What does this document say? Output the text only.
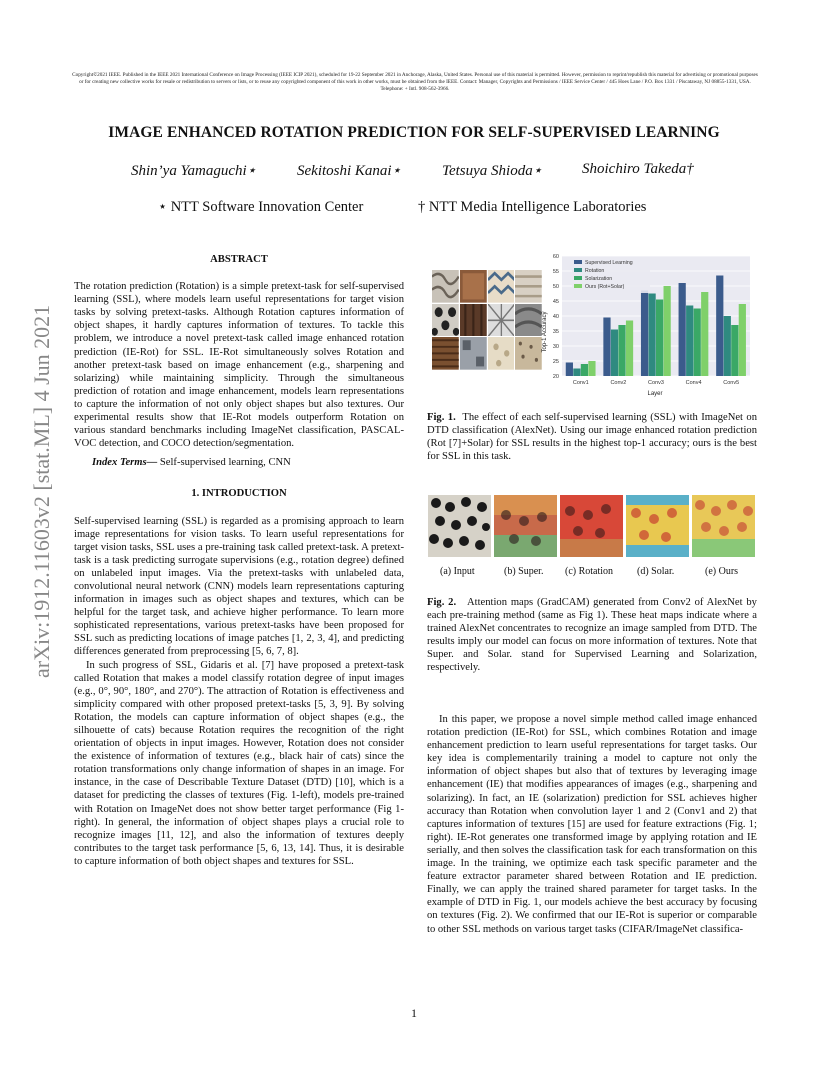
Copyright©2021 IEEE. Published in the IEEE 2021 International Conference on Image Processing (IEEE ICIP 2021), scheduled for 19-22 September 2021 in Anchorage, Alaska, United States. Personal use of this material is permitted. However, permission to reprint/republish this material for advertising or promotional purposes or for creating new collective works for resale or redistribution to servers or lists, or to reuse any copyrighted component of this work in other works, must be obtained from the IEEE. Contact: Manager, Copyrights and Permissions / IEEE Service Center / 445 Hoes Lane / P.O. Box 1331 / Piscataway, NJ 08855-1331, USA. Telephone: + Intl. 908-562-3966.
arXiv:1912.11603v2 [stat.ML] 4 Jun 2021
IMAGE ENHANCED ROTATION PREDICTION FOR SELF-SUPERVISED LEARNING
Shin’ya Yamaguchi⋆	Sekitoshi Kanai⋆	Tetsuya Shioda⋆	Shoichiro Takeda†
⋆ NTT Software Innovation Center	† NTT Media Intelligence Laboratories
ABSTRACT

The rotation prediction (Rotation) is a simple pretext-task for self-supervised learning (SSL), where models learn useful representations for target vision tasks by solving pretext-tasks. Although Rotation captures information of object shapes, it hardly captures information of textures. To tackle this problem, we introduce a novel pretext-task called image enhanced rotation prediction (IE-Rot) for SSL. IE-Rot simultaneously solves Rotation and another pretext-task based on image enhancement (e.g., sharpening and solarizing) while maintaining simplicity. Through the simultaneous prediction of rotation and image enhancement, models learn representations to capture the information of not only object shapes but also textures. Our experimental results show that IE-Rot models outperform Rotation on various standard benchmarks including ImageNet classification, PASCAL-VOC detection, and COCO detection/segmentation.

Index Terms— Self-supervised learning, CNN

1. INTRODUCTION

Self-supervised learning (SSL) is regarded as a promising approach to learn image representations for vision tasks. To learn useful representations for target vision tasks, SSL uses a pre-training task called pretext-task. A pretext-task is a task predicting surrogate supervisions (e.g., rotation degree) defined on unlabeled input images. Via the pretext-tasks with unlabeled data, convolutional neural network (CNN) models learn representations capturing information in images such as object shapes and textures, which can be helpful for the target task, and achieve higher performance. To learn more sophisticated representations, various pretext-tasks have been proposed for SSL such as predicting locations of image patches [1, 2, 3, 4], and predicting differences generated from preprocessing [5, 6, 7, 8].

In such progress of SSL, Gidaris et al. [7] have proposed a pretext-task called Rotation that makes a model classify rotation degree of input images (e.g., 0°, 90°, 180°, and 270°). The attraction of Rotation is effectiveness and simplicity compared with other proposed pretext-tasks [5, 3, 9]. By solving Rotation, the models can capture information of object shapes (e.g., the silhouette of cats) because Rotation requires the recognition of the right orientation of objects in input images. However, Rotation does not consider the existence of information of textures (e.g., black hair of cats) since the rotation transformations only change information of shapes in an image. For instance, in the case of Describable Texture Dataset (DTD) [10], which is a dataset for predicting the classes of textures (Fig. 1-left), models pre-trained with Rotation on ImageNet does not show better target performance (Fig 1-right). In general, the information of object shapes plays a crucial role to recognize images [11, 12], and also the information of textures deeply contributes to the target task performance [5, 6, 13, 14]. Thus, it is desirable to capture information of both object shapes and textures for SSL.

20
25
30
35
40
45
50
55
60
Conv1	Conv2	Conv3	Conv4	Conv5
Top-1 Accuracy
Layer
Supervised Learning
Rotation
Solarization
Ours (Rot+Solar)
Fig. 1. The effect of each self-supervised learning (SSL) with ImageNet on DTD classification (AlexNet). Using our image enhanced rotation prediction (Rot [7]+Solar) for SSL results in the highest top-1 accuracy; ours is the best for SSL in this task.
(a) Input	(b) Super. (c) Rotation (d) Solar.	(e) Ours
Fig. 2. Attention maps (GradCAM) generated from Conv2 of AlexNet by each pre-training method (same as Fig 1). These heat maps indicate where a trained AlexNet concentrates to recognize an image sampled from DTD. The results imply our model can focus on more information of textures. Note that Super. and Solar. stand for Supervised Learning and Solarization, respectively.

In this paper, we propose a novel simple method called image enhanced rotation prediction (IE-Rot) for SSL, which combines Rotation and image enhancement prediction to learn useful representations for target tasks. Our key idea is complementarily training a model to capture not only the information of object shapes but also that of textures by leveraging image enhancement (IE) that modifies appearances of images (e.g., sharpening and solarizing). In fact, an IE (solarization) prediction for SSL achieves higher accuracy than Rotation when convolution layer 1 and 2 (Conv1 and 2) that captures information of textures [15] are used for feature extractions (Fig. 1; right). IE-Rot generates one transformed image by applying rotation and IE serially, and then solves the classification task for each transformation on this image. In the training, we optimize each task specific parameter and the feature extractor parameter shared between Rotation and IE prediction. Finally, we can apply the trained shared parameter for target tasks. In the example of DTD in Fig. 1, our models achieve the best accuracy by focusing on textures (Fig. 2). We confirmed that our IE-Rot is superior or comparable to other SSL methods on various target tasks (CIFAR/ImageNet classifica-

1
